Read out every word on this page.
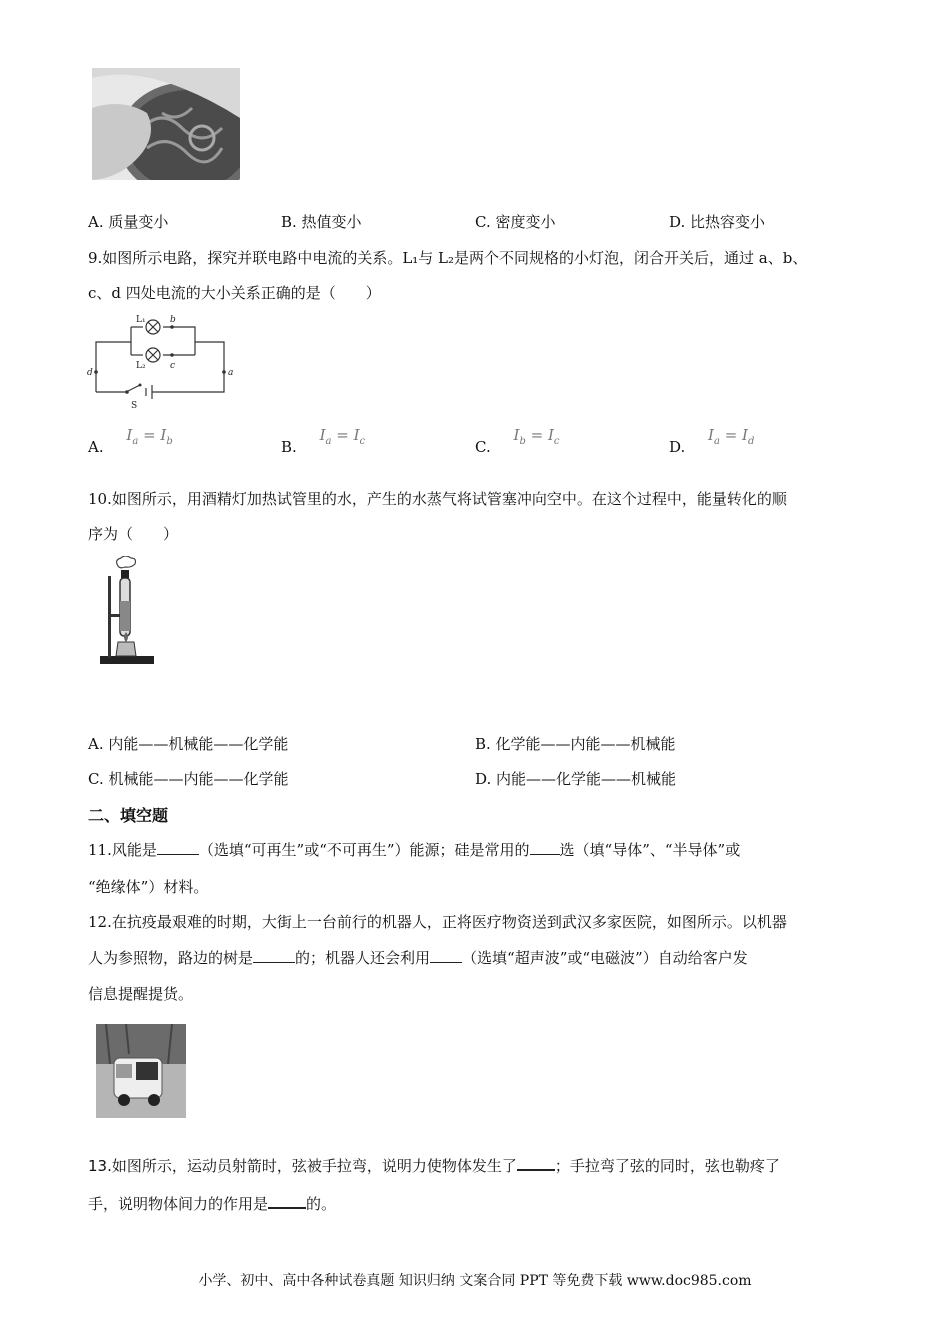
A. 质量变小	B. 热值变小	C. 密度变小	D. 比热容变小
9.如图所示电路，探究并联电路中电流的关系。L₁与 L₂是两个不同规格的小灯泡，闭合开关后，通过 a、b、
c、d 四处电流的大小关系正确的是（　　）
L₁
L₂
b
c
d	a
S
A. $I_a = I_b$	B. $I_a = I_c$	C. $I_b = I_c$	D. $I_a = I_d$
10.如图所示，用酒精灯加热试管里的水，产生的水蒸气将试管塞冲向空中。在这个过程中，能量转化的顺
序为（　　）
A. 内能——机械能——化学能	B. 化学能——内能——机械能
C. 机械能——内能——化学能	D. 内能——化学能——机械能
二、填空题
11.风能是	（选填“可再生”或“不可再生”）能源；硅是常用的 选（填“导体”、“半导体”或
“绝缘体”）材料。
12.在抗疫最艰难的时期，大街上一台前行的机器人，正将医疗物资送到武汉多家医院，如图所示。以机器
人为参照物，路边的树是	的；机器人还会利用 （选填“超声波”或“电磁波”）自动给客户发
信息提醒提货。
13.如图所示，运动员射箭时，弦被手拉弯，说明力使物体发生了	；手拉弯了弦的同时，弦也勒疼了
手，说明物体间力的作用是	的。
小学、初中、高中各种试卷真题 知识归纳 文案合同 PPT 等免费下载 www.doc985.com
